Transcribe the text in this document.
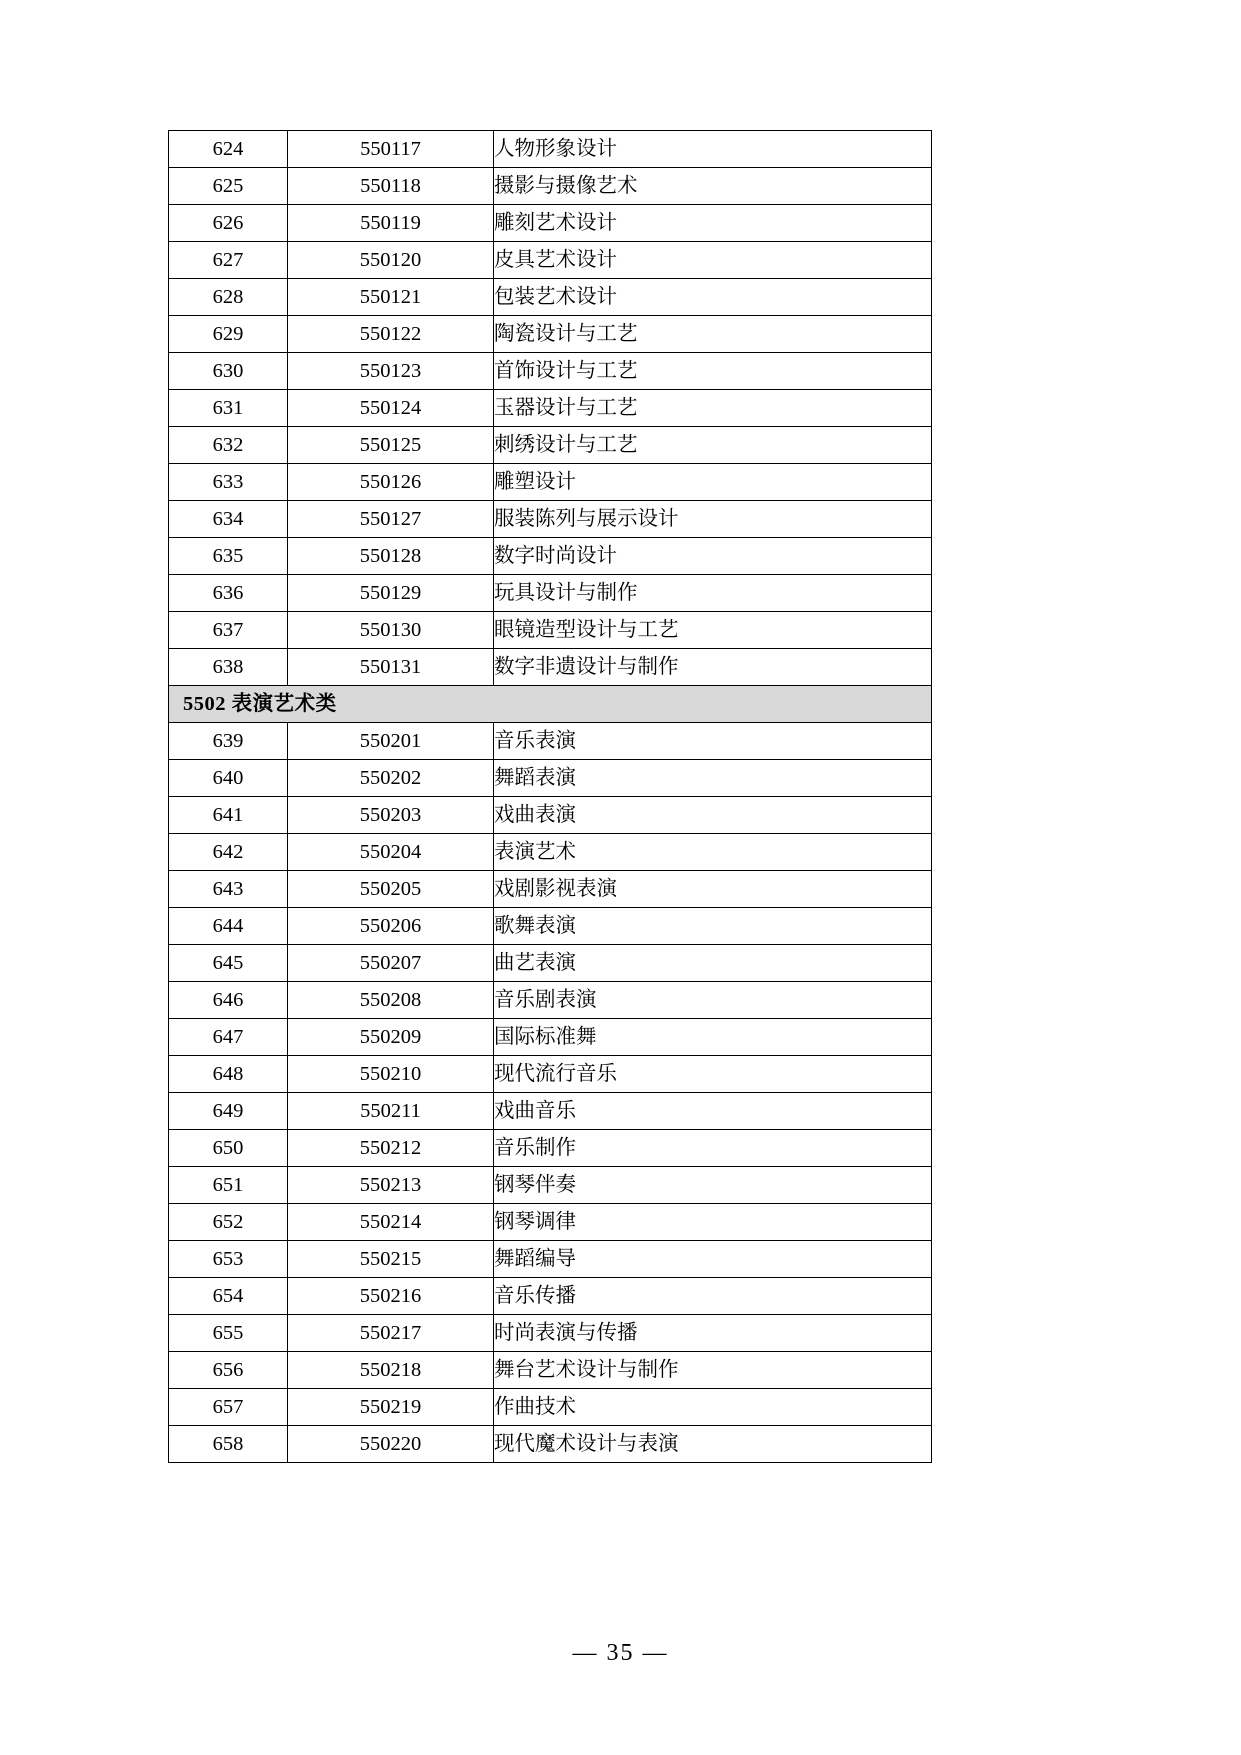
624	550117	人物形象设计
625	550118	摄影与摄像艺术
626	550119	雕刻艺术设计
627	550120	皮具艺术设计
628	550121	包装艺术设计
629	550122	陶瓷设计与工艺
630	550123	首饰设计与工艺
631	550124	玉器设计与工艺
632	550125	刺绣设计与工艺
633	550126	雕塑设计
634	550127	服装陈列与展示设计
635	550128	数字时尚设计
636	550129	玩具设计与制作
637	550130	眼镜造型设计与工艺
638	550131	数字非遗设计与制作
5502 表演艺术类		
639	550201	音乐表演
640	550202	舞蹈表演
641	550203	戏曲表演
642	550204	表演艺术
643	550205	戏剧影视表演
644	550206	歌舞表演
645	550207	曲艺表演
646	550208	音乐剧表演
647	550209	国际标准舞
648	550210	现代流行音乐
649	550211	戏曲音乐
650	550212	音乐制作
651	550213	钢琴伴奏
652	550214	钢琴调律
653	550215	舞蹈编导
654	550216	音乐传播
655	550217	时尚表演与传播
656	550218	舞台艺术设计与制作
657	550219	作曲技术
658	550220	现代魔术设计与表演
— 35 —
